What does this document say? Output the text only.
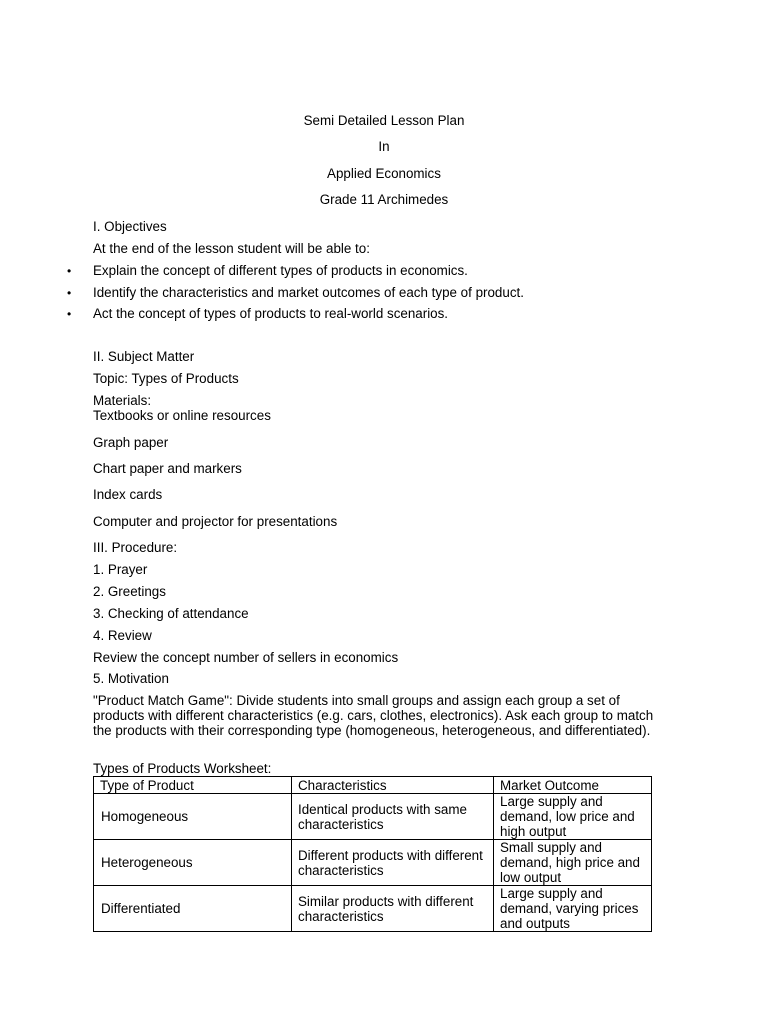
Semi Detailed Lesson Plan
In
Applied Economics
Grade 11 Archimedes
I. Objectives
At the end of the lesson student will be able to:
• Explain the concept of different types of products in economics.
• Identify the characteristics and market outcomes of each type of product.
• Act the concept of types of products to real-world scenarios.
II. Subject Matter
Topic: Types of Products
Materials:
Textbooks or online resources
Graph paper
Chart paper and markers
Index cards
Computer and projector for presentations
III. Procedure:
1. Prayer
2. Greetings
3. Checking of attendance
4. Review
Review the concept number of sellers in economics
5. Motivation
"Product Match Game": Divide students into small groups and assign each group a set of products with different characteristics (e.g. cars, clothes, electronics). Ask each group to match the products with their corresponding type (homogeneous, heterogeneous, and differentiated).
Types of Products Worksheet:
Type of Product	Characteristics	Market Outcome
Homogeneous	Identical products with same characteristics	Large supply and demand, low price and high output
Heterogeneous	Different products with different characteristics	Small supply and demand, high price and low output
Differentiated	Similar products with different characteristics	Large supply and demand, varying prices and outputs
